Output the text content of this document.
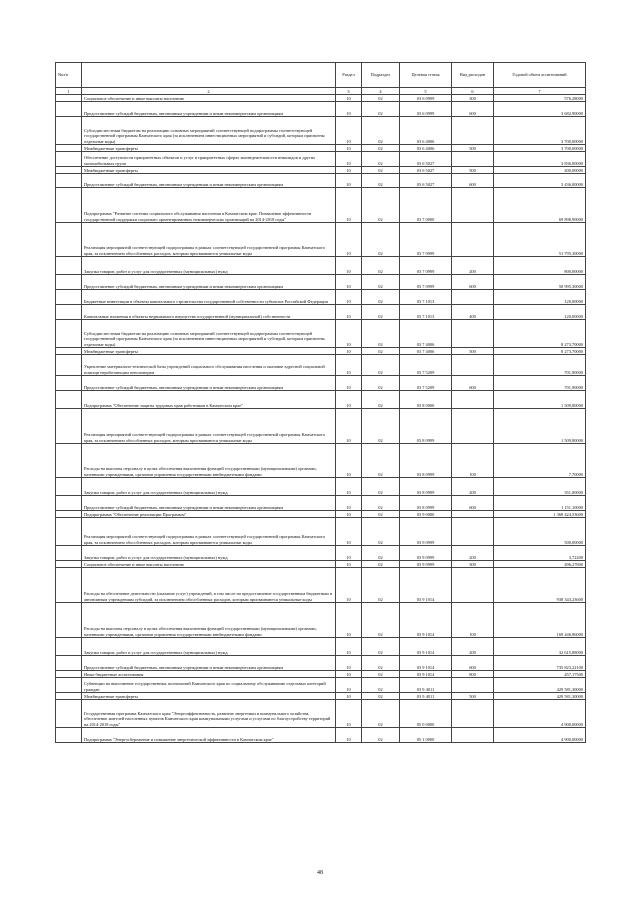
№п/п		Раздел	Подраздел	Целевая статья	Вид расходов	Годовой объем ассигнований
1	2	3	4	5	6	7
	Социальное обеспечение и иные выплаты населению	10	02	03 6 0999	300	576,28000
	Предоставление субсидий бюджетным, автономным учреждениям и иным некоммерческим организациям	10	02	03 6 0999	600	3 682,90000
	Субсидии местным бюджетам на реализацию основных мероприятий соответствующей подпрограммы соответствующей государственной программы Камчатского края (за исключением инвестиционных мероприятий и субсидий, которым присвоены отдельные коды)	10	02	03 6 4006		3 700,00000
	Межбюджетные трансферты	10	02	03 6 4006	500	3 700,00000
	Обеспечение доступности приоритетных объектов и услуг в приоритетных сферах жизнедеятельности инвалидов и других маломобильных групп	10	02	03 6 5027		3 836,00000
	Межбюджетные трансферты	10	02	03 6 5027	500	400,00000
	Предоставление субсидий бюджетным, автономным учреждениям и иным некоммерческим организациям	10	02	03 6 5027	600	3 436,00000
	Подпрограмма "Развитие системы социального обслуживания населения в Камчатском крае. Повышение эффективности государственной поддержки социально ориентированных некоммерческих организаций на 2014-2018 годы"	10	02	03 7 0000		69 898,90000
	Реализация мероприятий соответствующей подпрограммы в рамках соответствующей государственной программы Камчатского края, за исключением обособленных расходов, которым присваиваются уникальные коды	10	02	03 7 0999		51 795,30000
	Закупка товаров, работ и услуг для государственных (муниципальных) нужд	10	02	03 7 0999	200	800,00000
	Предоставление субсидий бюджетным, автономным учреждениям и иным некоммерческим организациям	10	02	03 7 0999	600	50 995,30000
	Бюджетные инвестиции в объекты капитального строительства государственной собственности субъектов Российской Федерации	10	02	03 7 1013		120,00000
	Капитальные вложения в объекты недвижимого имущества государственной (муниципальной) собственности	10	02	03 7 1013	400	120,00000
	Субсидии местным бюджетам на реализацию основных мероприятий соответствующей подпрограммы соответствующей государственной программы Камчатского края (за исключением инвестиционных мероприятий и субсидий, которым присвоены отдельные коды)	10	02	03 7 4006		8 273,70000
	Межбюджетные трансферты	10	02	03 7 4006	500	8 273,70000
	Укрепление материально-технической базы учреждений социального обслуживания населения и оказание адресной социальной помощи неработающим пенсионерам	10	02	03 7 5209		701,90000
	Предоставление субсидий бюджетным, автономным учреждениям и иным некоммерческим организациям	10	02	03 7 5209	600	701,90000
	Подпрограмма "Обеспечение защиты трудовых прав работников в Камчатском крае"	10	02	03 8 0000		1 509,80000
	Реализация мероприятий соответствующей подпрограммы в рамках соответствующей государственной программы Камчатского края, за исключением обособленных расходов, которым присваиваются уникальные коды	10	02	03 8 0999		1 509,80000
	Расходы на выплаты персоналу в целях обеспечения выполнения функций государственными (муниципальными) органами, казенными учреждениями, органами управления государственными внебюджетными фондами	10	02	03 8 0999	100	7,70000
	Закупка товаров, работ и услуг для государственных (муниципальных) нужд	10	02	03 8 0999	200	351,00000
	Предоставление субсидий бюджетным, автономным учреждениям и иным некоммерческим организациям	10	02	03 8 0999	600	1 151,10000
	Подпрограмма "Обеспечение реализации Программы"	10	02	03 9 0000		1 368 424,53600
	Реализация мероприятий соответствующей подпрограммы в рамках соответствующей государственной программы Камчатского края, за исключением обособленных расходов, которым присваиваются уникальные коды	10	02	03 9 0999		500,00000
	Закупка товаров, работ и услуг для государственных (муниципальных) нужд	10	02	03 9 0999	200	3,72200
	Социальное обеспечение и иные выплаты населению	10	02	03 9 0999	300	496,27800
	Расходы на обеспечение деятельности (оказание услуг) учреждений, в том числе на предоставление государственным бюджетным и автономным учреждениям субсидий, за исключением обособленных расходов, которым присваиваются уникальные коды	10	02	03 9 1014		938 343,23600
	Расходы на выплаты персоналу в целях обеспечения выполнения функций государственными (муниципальными) органами, казенными учреждениями, органами управления государственными внебюджетными фондами	10	02	03 9 1014	100	169 446,96000
	Закупка товаров, работ и услуг для государственных (муниципальных) нужд	10	02	03 9 1014	200	32 615,88000
	Предоставление субсидий бюджетным, автономным учреждениям и иным некоммерческим организациям	10	02	03 9 1014	600	735 823,22100
	Иные бюджетные ассигнования	10	02	03 9 1014	800	457,17500
	Субвенции на выполнение государственных полномочий Камчатского края по социальному обслуживанию отдельных категорий граждан	10	02	03 9 4011		429 581,30000
	Межбюджетные трансферты	10	02	03 9 4011	500	429 581,30000
	Государственная программа Камчатского края "Энергоэффективность, развитие энергетики и коммунального хозяйства, обеспечение жителей населенных пунктов Камчатского края коммунальными услугами и услугами по благоустройству территорий на 2014-2018 годы"	10	02	05 0 0000		4 900,00000
	Подпрограмма "Энергосбережение и повышение энергетической эффективности в Камчатском крае"	10	02	05 1 0000		4 900,00000
48
